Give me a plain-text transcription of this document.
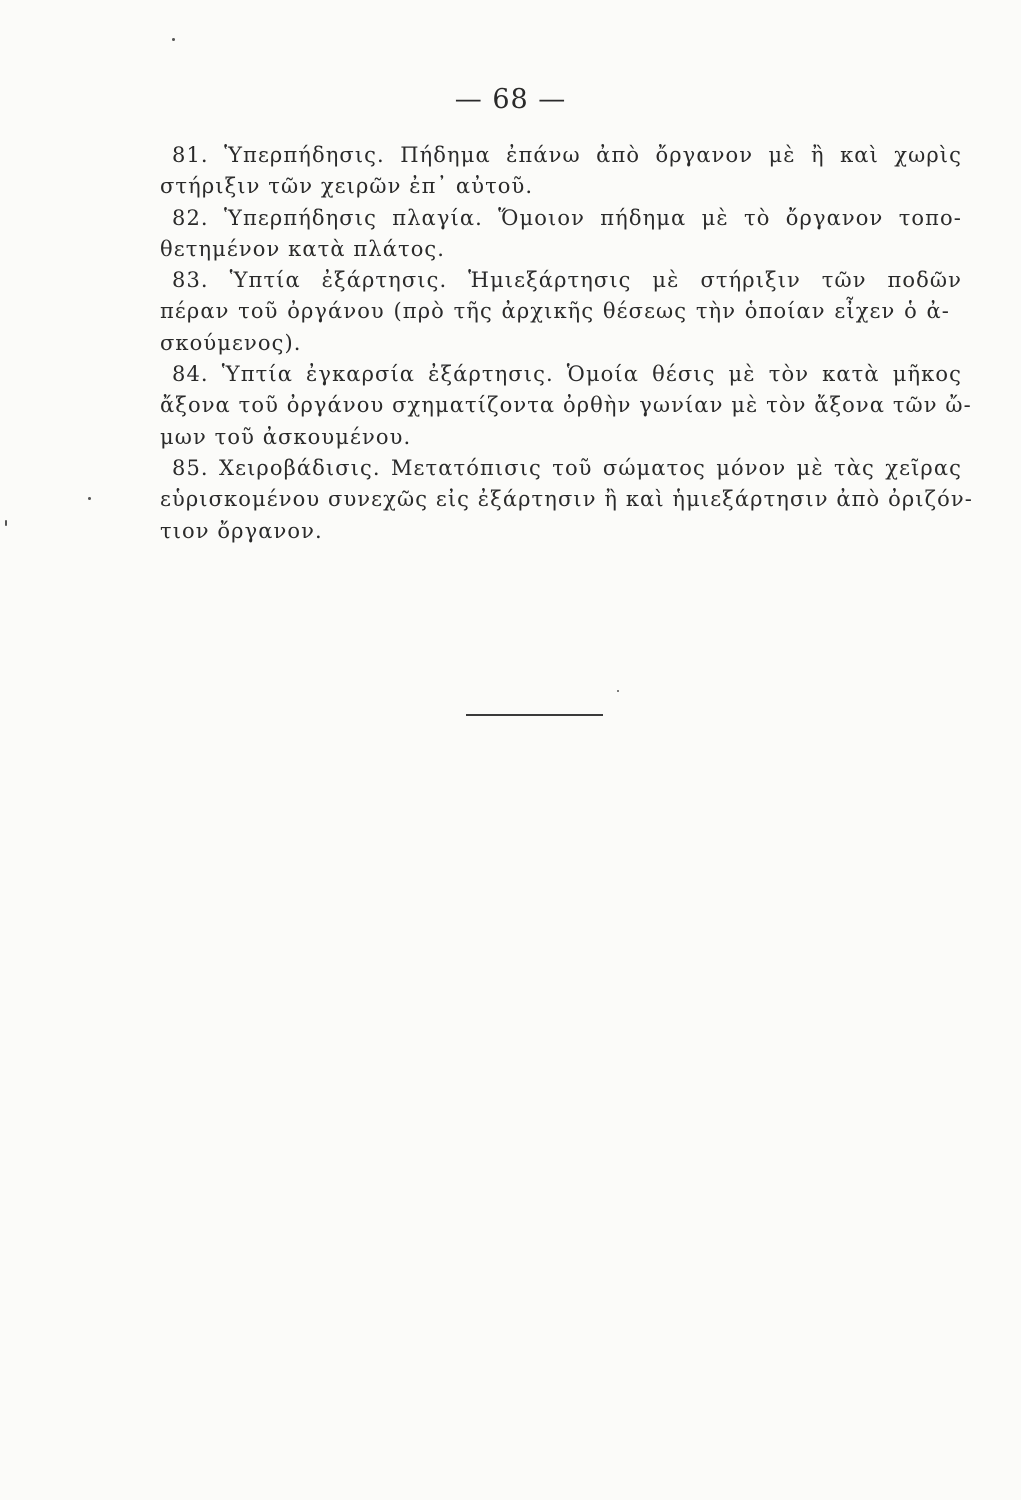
— 68 —
81. Ὑπερπήδησις. Πήδημα ἐπάνω ἀπὸ ὄργανον μὲ ἢ καὶ χωρὶς
στήριξιν τῶν χειρῶν ἐπ᾿ αὐτοῦ.
82. Ὑπερπήδησις πλαγία. Ὅμοιον πήδημα μὲ τὸ ὄργανον τοπο-
θετημένον κατὰ πλάτος.
83. Ὑπτία ἐξάρτησις. Ἡμιεξάρτησις μὲ στήριξιν τῶν ποδῶν
πέραν τοῦ ὀργάνου (πρὸ τῆς ἀρχικῆς θέσεως τὴν ὁποίαν εἶχεν ὁ ἀ-
σκούμενος).
84. Ὑπτία ἐγκαρσία ἐξάρτησις. Ὁμοία θέσις μὲ τὸν κατὰ μῆκος
ἄξονα τοῦ ὀργάνου σχηματίζοντα ὀρθὴν γωνίαν μὲ τὸν ἄξονα τῶν ὤ-
μων τοῦ ἀσκουμένου.
85. Χειροβάδισις. Μετατόπισις τοῦ σώματος μόνον μὲ τὰς χεῖρας
εὑρισκομένου συνεχῶς εἰς ἐξάρτησιν ἢ καὶ ἡμιεξάρτησιν ἀπὸ ὀριζόν-
τιον ὄργανον.
